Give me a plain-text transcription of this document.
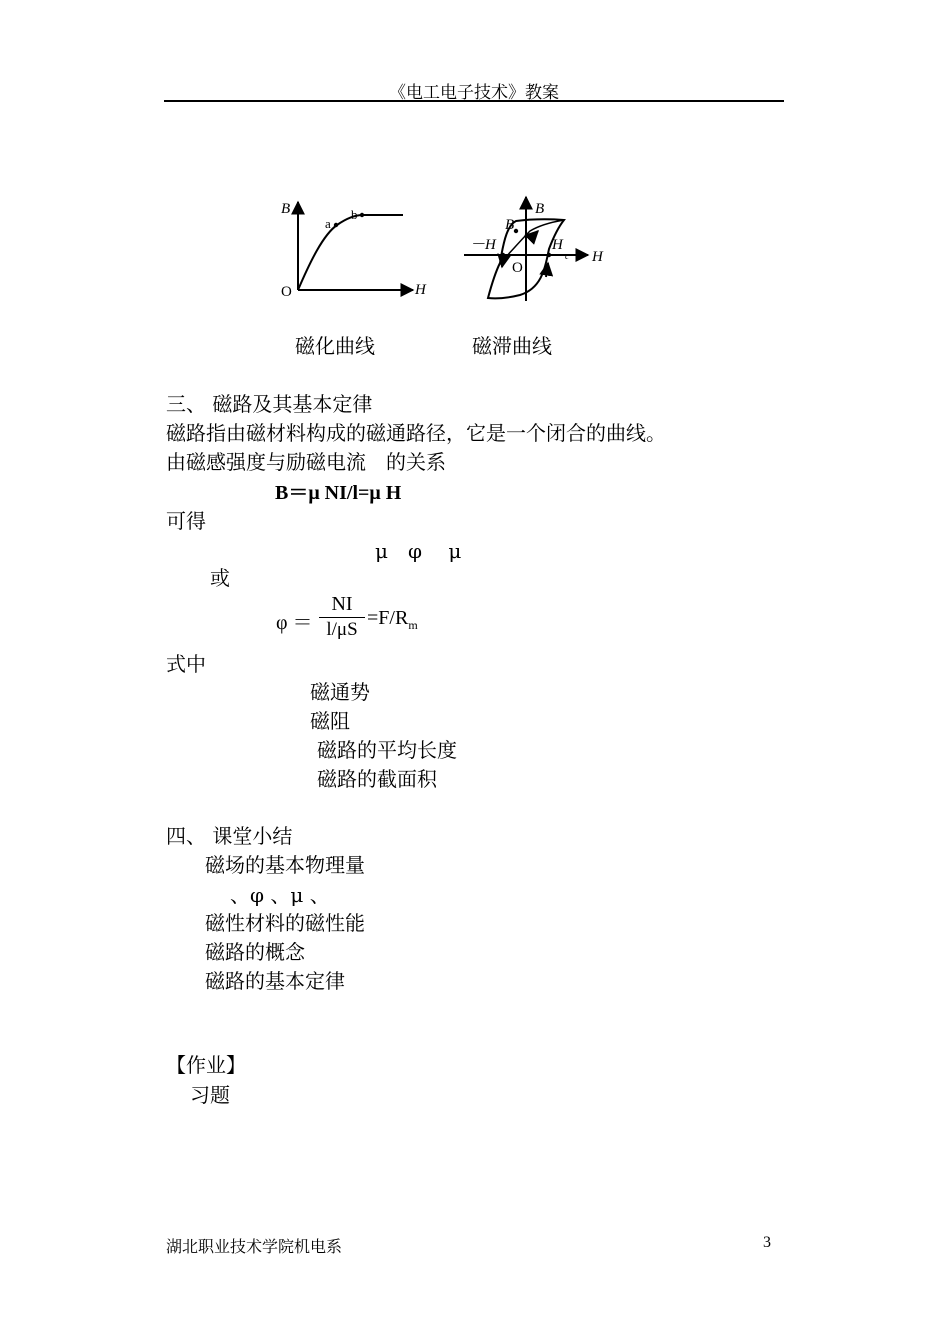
《电工电子技术》教案
B
H
O
a
b	B
B
－H	H
c H
O
磁化曲线	磁滞曲线
三、 磁路及其基本定律
磁路指由磁材料构成的磁通路径，它是一个闭合的曲线。
由磁感强度与励磁电流　的关系
B＝μ NI/l=μ H
可得
μ　φ　 μ
或
φ ＝
NI
l/μS
$=F/R_m$
式中
磁通势
磁阻
磁路的平均长度
磁路的截面积
四、 课堂小结
磁场的基本物理量
、φ 、μ 、
磁性材料的磁性能
磁路的概念
磁路的基本定律
【作业】
习题
湖北职业技术学院机电系	3
